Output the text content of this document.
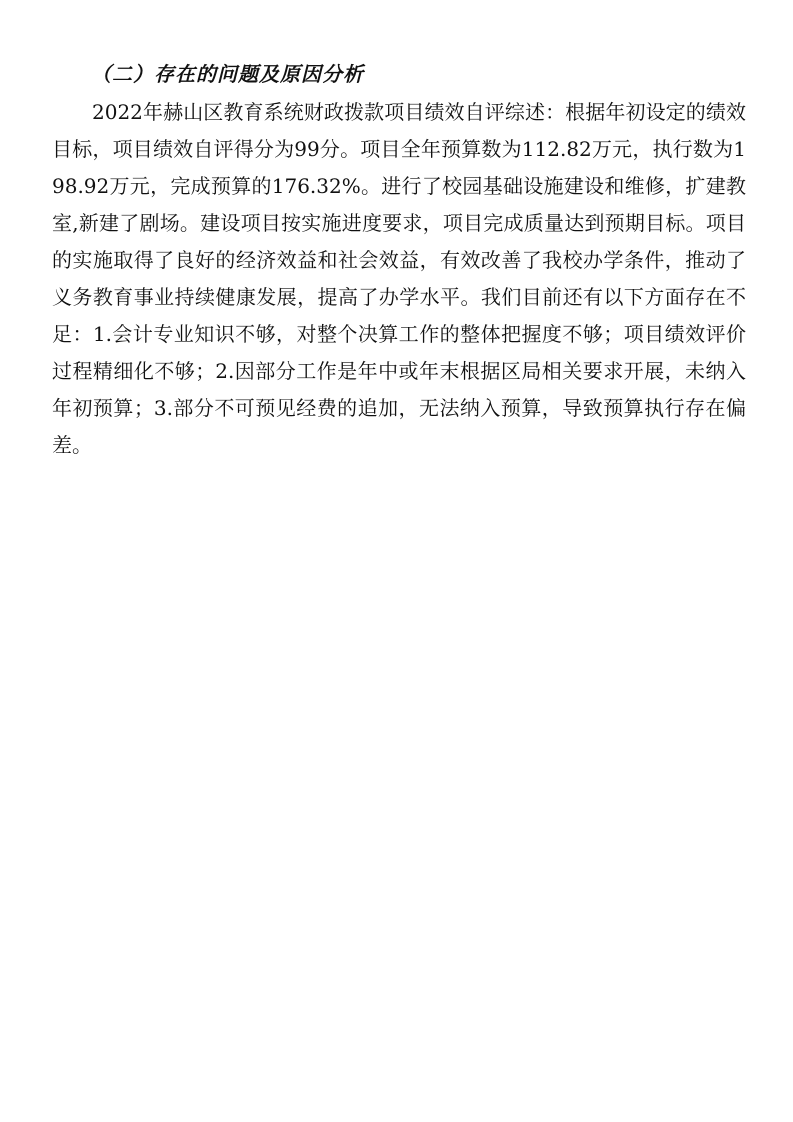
（二）存在的问题及原因分析

2022年赫山区教育系统财政拨款项目绩效自评综述：根据年初设定的绩效目标，项目绩效自评得分为99分。项目全年预算数为112.82万元，执行数为198.92万元，完成预算的176.32%。进行了校园基础设施建设和维修，扩建教室,新建了剧场。建设项目按实施进度要求，项目完成质量达到预期目标。项目的实施取得了良好的经济效益和社会效益，有效改善了我校办学条件，推动了义务教育事业持续健康发展，提高了办学水平。我们目前还有以下方面存在不足：1.会计专业知识不够，对整个决算工作的整体把握度不够；项目绩效评价过程精细化不够；2.因部分工作是年中或年末根据区局相关要求开展，未纳入年初预算；3.部分不可预见经费的追加，无法纳入预算，导致预算执行存在偏差。
